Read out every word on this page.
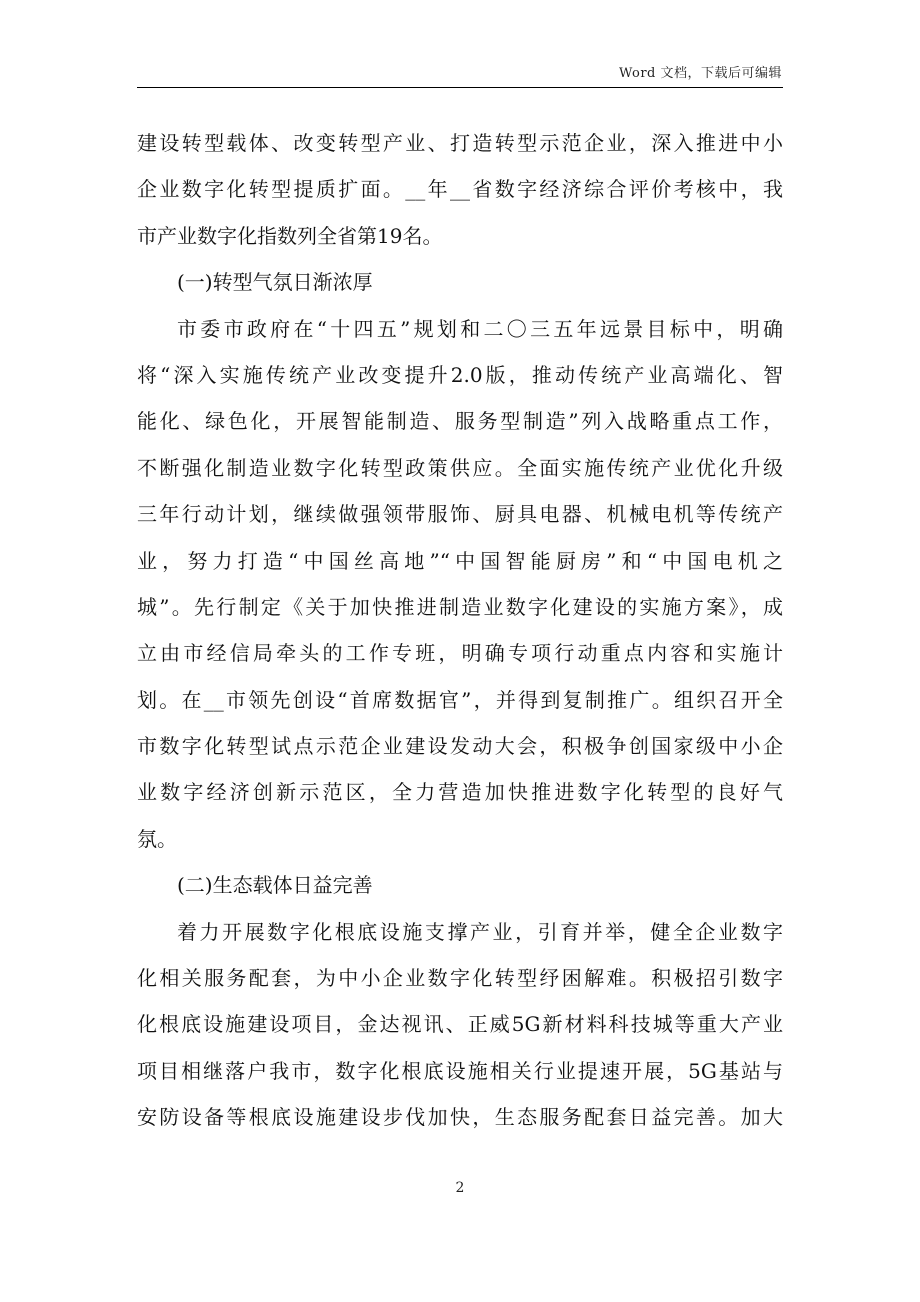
Word 文档，下载后可编辑
建设转型载体、改变转型产业、打造转型示范企业，深入推进中小
企业数字化转型提质扩面。__年__省数字经济综合评价考核中，我
市产业数字化指数列全省第19名。
(一)转型气氛日渐浓厚
市委市政府在“十四五”规划和二〇三五年远景目标中，明确
将“深入实施传统产业改变提升2.0版，推动传统产业高端化、智
能化、绿色化，开展智能制造、服务型制造”列入战略重点工作，
不断强化制造业数字化转型政策供应。全面实施传统产业优化升级
三年行动计划，继续做强领带服饰、厨具电器、机械电机等传统产
业，努力打造“中国丝高地”“中国智能厨房”和“中国电机之
城”。先行制定《关于加快推进制造业数字化建设的实施方案》，成
立由市经信局牵头的工作专班，明确专项行动重点内容和实施计
划。在__市领先创设“首席数据官”，并得到复制推广。组织召开全
市数字化转型试点示范企业建设发动大会，积极争创国家级中小企
业数字经济创新示范区，全力营造加快推进数字化转型的良好气
氛。
(二)生态载体日益完善
着力开展数字化根底设施支撑产业，引育并举，健全企业数字
化相关服务配套，为中小企业数字化转型纾困解难。积极招引数字
化根底设施建设项目，金达视讯、正威5G新材料科技城等重大产业
项目相继落户我市，数字化根底设施相关行业提速开展，5G基站与
安防设备等根底设施建设步伐加快，生态服务配套日益完善。加大
2
